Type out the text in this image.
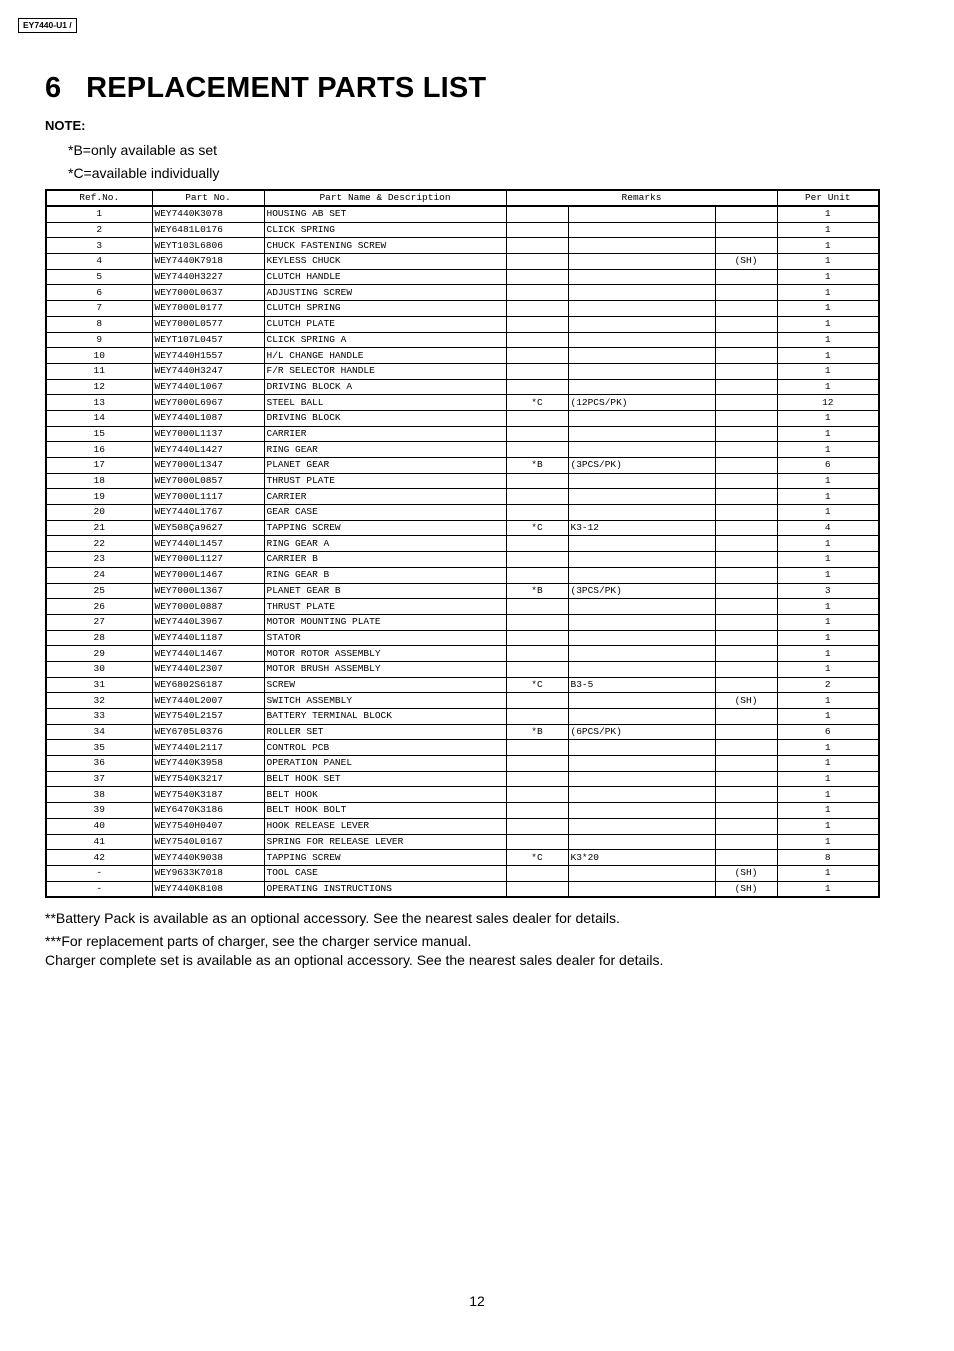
EY7440-U1 /
6 REPLACEMENT PARTS LIST
NOTE:
*B=only available as set
*C=available individually
Ref.No.	Part No.	Part Name & Description	Remarks			Per Unit
1	WEY7440K3078	HOUSING AB SET				1
2	WEY6481L0176	CLICK SPRING				1
3	WEYT103L6806	CHUCK FASTENING SCREW				1
4	WEY7440K7918	KEYLESS CHUCK			(SH)	1
5	WEY7440H3227	CLUTCH HANDLE				1
6	WEY7000L0637	ADJUSTING SCREW				1
7	WEY7000L0177	CLUTCH SPRING				1
8	WEY7000L0577	CLUTCH PLATE				1
9	WEYT107L0457	CLICK SPRING A				1
10	WEY7440H1557	H/L CHANGE HANDLE				1
11	WEY7440H3247	F/R SELECTOR HANDLE				1
12	WEY7440L1067	DRIVING BLOCK A				1
13	WEY7000L6967	STEEL BALL	*C	(12PCS/PK)		12
14	WEY7440L1087	DRIVING BLOCK				1
15	WEY7000L1137	CARRIER				1
16	WEY7440L1427	RING GEAR				1
17	WEY7000L1347	PLANET GEAR	*B	(3PCS/PK)		6
18	WEY7000L0857	THRUST PLATE				1
19	WEY7000L1117	CARRIER				1
20	WEY7440L1767	GEAR CASE				1
21	WEY508Ça9627	TAPPING SCREW	*C	K3-12		4
22	WEY7440L1457	RING GEAR A				1
23	WEY7000L1127	CARRIER B				1
24	WEY7000L1467	RING GEAR B				1
25	WEY7000L1367	PLANET GEAR B	*B	(3PCS/PK)		3
26	WEY7000L0887	THRUST PLATE				1
27	WEY7440L3967	MOTOR MOUNTING PLATE				1
28	WEY7440L1187	STATOR				1
29	WEY7440L1467	MOTOR ROTOR ASSEMBLY				1
30	WEY7440L2307	MOTOR BRUSH ASSEMBLY				1
31	WEY6802S6187	SCREW	*C	B3-5		2
32	WEY7440L2007	SWITCH ASSEMBLY			(SH)	1
33	WEY7540L2157	BATTERY TERMINAL BLOCK				1
34	WEY6705L0376	ROLLER SET	*B	(6PCS/PK)		6
35	WEY7440L2117	CONTROL PCB				1
36	WEY7440K3958	OPERATION PANEL				1
37	WEY7540K3217	BELT HOOK SET				1
38	WEY7540K3187	BELT HOOK				1
39	WEY6470K3186	BELT HOOK BOLT				1
40	WEY7540H0407	HOOK RELEASE LEVER				1
41	WEY7540L0167	SPRING FOR RELEASE LEVER				1
42	WEY7440K9038	TAPPING SCREW	*C	K3*20		8
-	WEY9633K7018	TOOL CASE			(SH)	1
-	WEY7440K8108	OPERATING INSTRUCTIONS			(SH)	1
**Battery Pack is available as an optional accessory. See the nearest sales dealer for details.
***For replacement parts of charger, see the charger service manual.
Charger complete set is available as an optional accessory. See the nearest sales dealer for details.
12
